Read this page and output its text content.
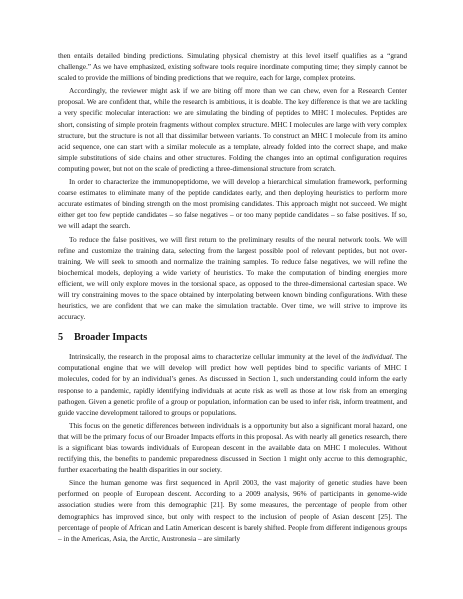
then entails detailed binding predictions. Simulating physical chemistry at this level itself qualifies as a “grand challenge.” As we have emphasized, existing software tools require inordinate computing time; they simply cannot be scaled to provide the millions of binding predictions that we require, each for large, complex proteins.

Accordingly, the reviewer might ask if we are biting off more than we can chew, even for a Research Center proposal. We are confident that, while the research is ambitious, it is doable. The key difference is that we are tackling a very specific molecular interaction: we are simulating the binding of peptides to MHC I molecules. Peptides are short, consisting of simple protein fragments without complex structure. MHC I molecules are large with very complex structure, but the structure is not all that dissimilar between variants. To construct an MHC I molecule from its amino acid sequence, one can start with a similar molecule as a template, already folded into the correct shape, and make simple substitutions of side chains and other structures. Folding the changes into an optimal configuration requires computing power, but not on the scale of predicting a three-dimensional structure from scratch.

In order to characterize the immunopeptidome, we will develop a hierarchical simulation framework, performing coarse estimates to eliminate many of the peptide candidates early, and then deploying heuristics to perform more accurate estimates of binding strength on the most promising candidates. This approach might not succeed. We might either get too few peptide candidates – so false negatives – or too many peptide candidates – so false positives. If so, we will adapt the search.

To reduce the false positives, we will first return to the preliminary results of the neural network tools. We will refine and customize the training data, selecting from the largest possible pool of relevant peptides, but not over-training. We will seek to smooth and normalize the training samples. To reduce false negatives, we will refine the biochemical models, deploying a wide variety of heuristics. To make the computation of binding energies more efficient, we will only explore moves in the torsional space, as opposed to the three-dimensional cartesian space. We will try constraining moves to the space obtained by interpolating between known binding configurations. With these heuristics, we are confident that we can make the simulation tractable. Over time, we will strive to improve its accuracy.

5	Broader Impacts

Intrinsically, the research in the proposal aims to characterize cellular immunity at the level of the individual. The computational engine that we will develop will predict how well peptides bind to specific variants of MHC I molecules, coded for by an individual’s genes. As discussed in Section 1, such understanding could inform the early response to a pandemic, rapidly identifying individuals at acute risk as well as those at low risk from an emerging pathogen. Given a genetic profile of a group or population, information can be used to infer risk, inform treatment, and guide vaccine development tailored to groups or populations.

This focus on the genetic differences between individuals is a opportunity but also a significant moral hazard, one that will be the primary focus of our Broader Impacts efforts in this proposal. As with nearly all genetics research, there is a significant bias towards individuals of European descent in the available data on MHC I molecules. Without rectifying this, the benefits to pandemic preparedness discussed in Section 1 might only accrue to this demographic, further exacerbating the health disparities in our society.

Since the human genome was first sequenced in April 2003, the vast majority of genetic studies have been performed on people of European descent. According to a 2009 analysis, 96% of participants in genome-wide association studies were from this demographic [21]. By some measures, the percentage of people from other demographics has improved since, but only with respect to the inclusion of people of Asian descent [25]. The percentage of people of African and Latin American descent is barely shifted. People from different indigenous groups – in the Americas, Asia, the Arctic, Austronesia – are similarly
